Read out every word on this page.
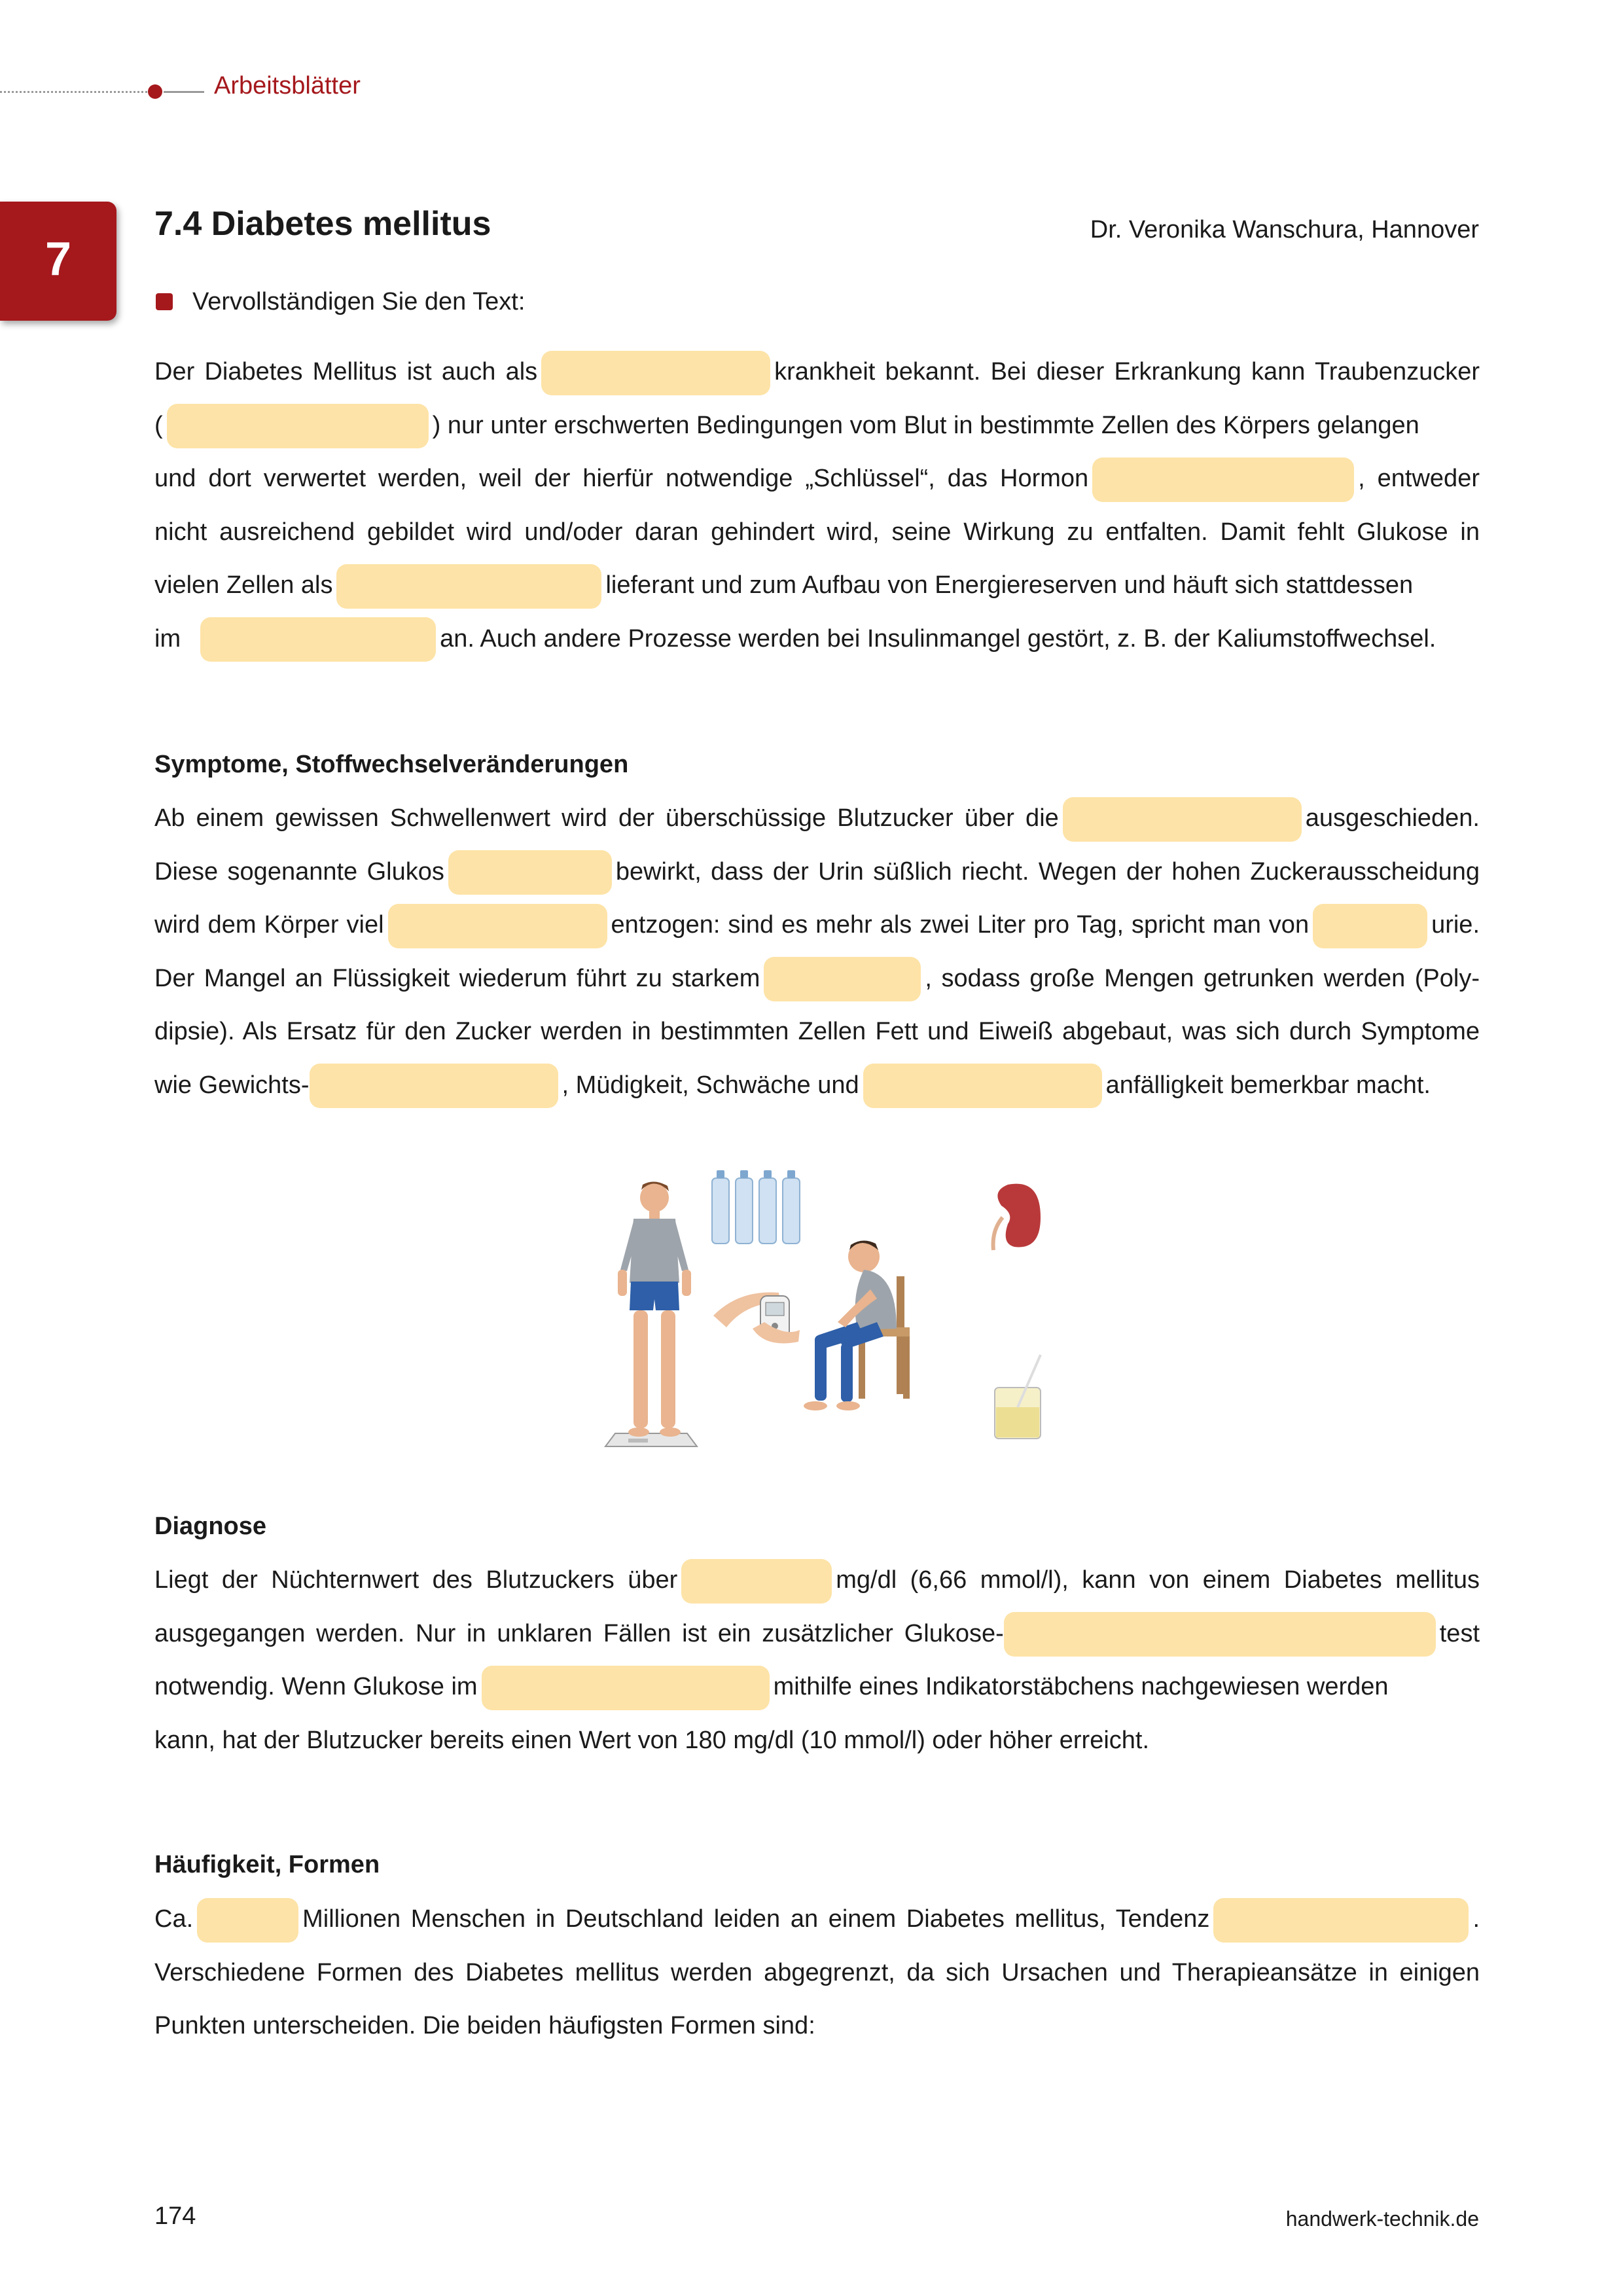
Arbeitsblätter
7
7.4 Diabetes mellitus	Dr. Veronika Wanschura, Hannover
Vervollständigen Sie den Text:
Der Diabetes Mellitus ist auch als	krankheit bekannt. Bei dieser Erkrankung kann Traubenzucker
(	) nur unter erschwerten Bedingungen vom Blut in bestimmte Zellen des Körpers gelangen
und dort verwertet werden, weil der hierfür notwendige „Schlüssel“, das Hormon	, entweder
nicht ausreichend gebildet wird und/oder daran gehindert wird, seine Wirkung zu entfalten. Damit fehlt Glukose in
vielen Zellen als	lieferant und zum Aufbau von Energiereserven und häuft sich stattdessen
im	an. Auch andere Prozesse werden bei Insulinmangel gestört, z. B. der Kaliumstoffwechsel.
Symptome, Stoffwechselveränderungen
Ab einem gewissen Schwellenwert wird der überschüssige Blutzucker über die	ausgeschieden.
Diese sogenannte Glukos	bewirkt, dass der Urin süßlich riecht. Wegen der hohen Zuckerausscheidung
wird dem Körper viel	entzogen: sind es mehr als zwei Liter pro Tag, spricht man von	urie.
Der Mangel an Flüssigkeit wiederum führt zu starkem	, sodass große Mengen getrunken werden (Poly-
dipsie). Als Ersatz für den Zucker werden in bestimmten Zellen Fett und Eiweiß abgebaut, was sich durch Symptome
wie Gewichts-	, Müdigkeit, Schwäche und	anfälligkeit bemerkbar macht.
Diagnose
Liegt der Nüchternwert des Blutzuckers über	mg/dl (6,66 mmol/l), kann von einem Diabetes mellitus
ausgegangen werden. Nur in unklaren Fällen ist ein zusätzlicher Glukose-	test
notwendig. Wenn Glukose im	mithilfe eines Indikatorstäbchens nachgewiesen werden
kann, hat der Blutzucker bereits einen Wert von 180 mg/dl (10 mmol/l) oder höher erreicht.
Häufigkeit, Formen
Ca.	Millionen Menschen in Deutschland leiden an einem Diabetes mellitus, Tendenz	.
Verschiedene Formen des Diabetes mellitus werden abgegrenzt, da sich Ursachen und Therapieansätze in einigen
Punkten unterscheiden. Die beiden häufigsten Formen sind:
174	handwerk-technik.de
